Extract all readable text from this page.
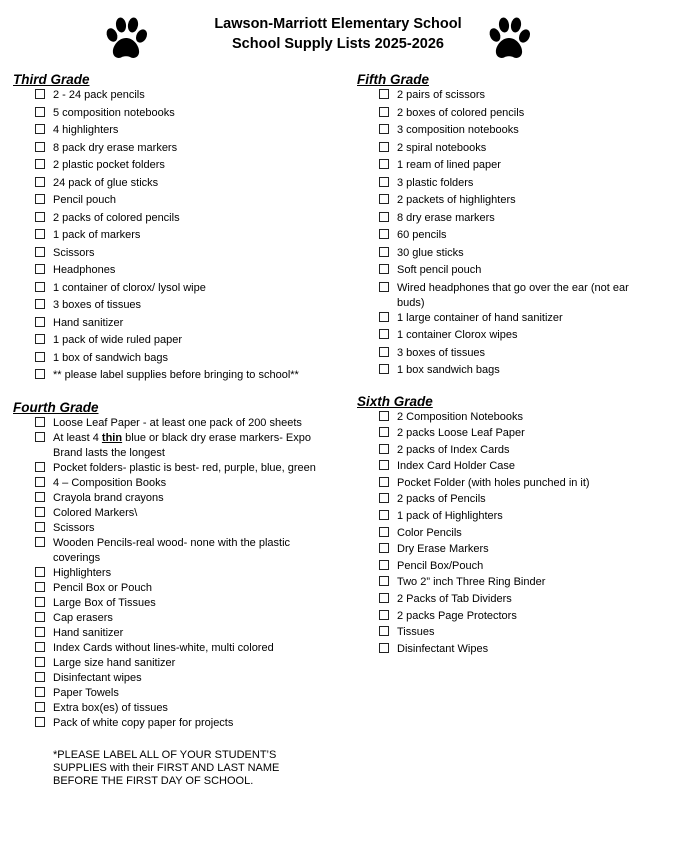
Lawson-Marriott Elementary School
School Supply Lists 2025-2026
Third Grade
2 - 24 pack pencils
5 composition notebooks
4 highlighters
8 pack dry erase markers
2 plastic pocket folders
24 pack of glue sticks
Pencil pouch
2 packs of colored pencils
1 pack of markers
Scissors
Headphones
1 container of clorox/ lysol wipe
3 boxes of tissues
Hand sanitizer
1 pack of wide ruled paper
1 box of sandwich bags
** please label supplies before bringing to school**
Fourth Grade
Loose Leaf Paper - at least one pack of 200 sheets
At least 4 thin blue or black dry erase markers- Expo Brand lasts the longest
Pocket folders- plastic is best- red, purple, blue, green
4 – Composition Books
Crayola brand crayons
Colored Markers\
Scissors
Wooden Pencils-real wood- none with the plastic coverings
Highlighters
Pencil Box or Pouch
Large Box of Tissues
Cap erasers
Hand sanitizer
Index Cards without lines-white, multi colored
Large size hand sanitizer
Disinfectant wipes
Paper Towels
Extra box(es) of tissues
Pack of white copy paper for projects
*PLEASE LABEL ALL OF YOUR STUDENT’S SUPPLIES with their FIRST AND LAST NAME BEFORE THE FIRST DAY OF SCHOOL.
Fifth Grade
2 pairs of scissors
2 boxes of colored pencils
3 composition notebooks
2 spiral notebooks
1 ream of lined paper
3 plastic folders
2 packets of highlighters
8 dry erase markers
60 pencils
30 glue sticks
Soft pencil pouch
Wired headphones that go over the ear (not ear buds)
1 large container of hand sanitizer
1 container Clorox wipes
3 boxes of tissues
1 box sandwich bags
Sixth Grade
2 Composition Notebooks
2 packs Loose Leaf Paper
2 packs of Index Cards
Index Card Holder Case
Pocket Folder (with holes punched in it)
2 packs of Pencils
1 pack of Highlighters
Color Pencils
Dry Erase Markers
Pencil Box/Pouch
Two 2” inch Three Ring Binder
2 Packs of Tab Dividers
2 packs Page Protectors
Tissues
Disinfectant Wipes
